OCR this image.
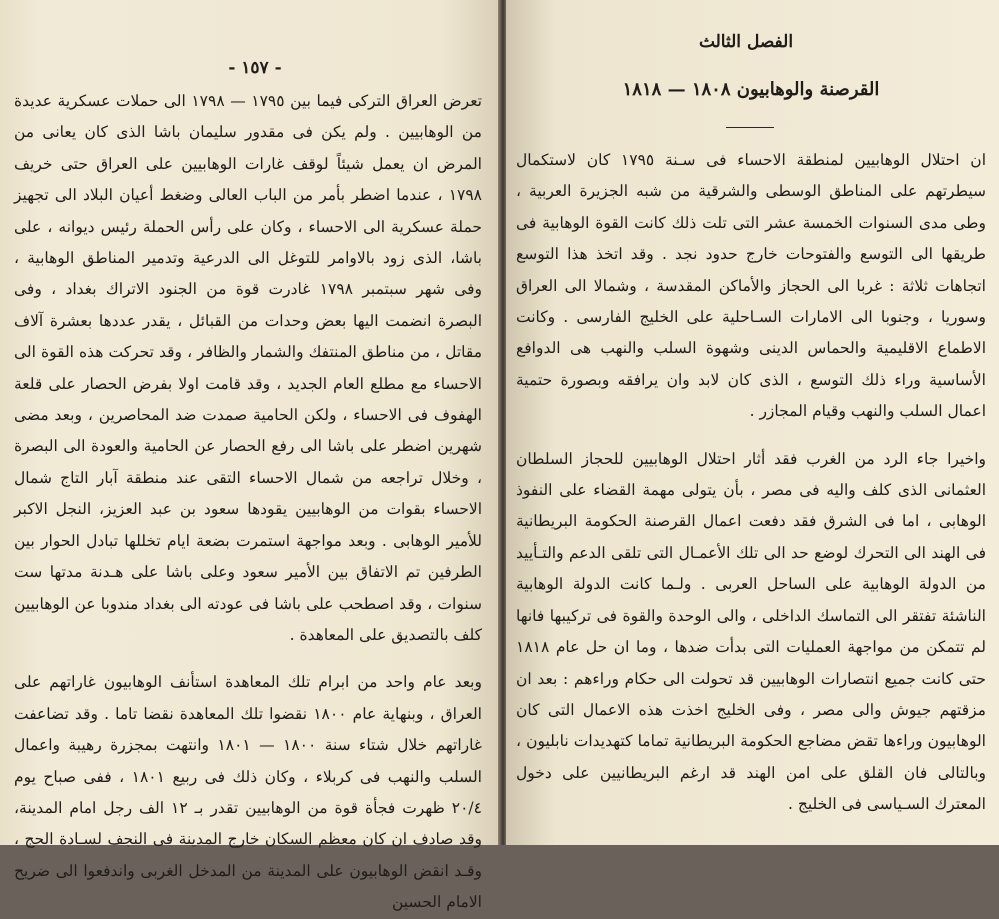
- ١٥٧ -

تعرض العراق التركى فيما بين ١٧٩٥ — ١٧٩٨ الى حملات عسكرية عديدة من الوهابيين . ولم يكن فى مقدور سليمان باشا الذى كان يعانى من المرض ان يعمل شيئاً لوقف غارات الوهابيين على العراق حتى خريف ١٧٩٨ ، عندما اضطر بأمر من الباب العالى وضغط أعيان البلاد الى تجهيز حملة عسكرية الى الاحساء ، وكان على رأس الحملة رئيس ديوانه ، على باشا، الذى زود بالاوامر للتوغل الى الدرعية وتدمير المناطق الوهابية ، وفى شهر سبتمبر ١٧٩٨ غادرت قوة من الجنود الاتراك بغداد ، وفى البصرة انضمت اليها بعض وحدات من القبائل ، يقدر عددها بعشرة آلاف مقاتل ، من مناطق المنتفك والشمار والظافر ، وقد تحركت هذه القوة الى الاحساء مع مطلع العام الجديد ، وقد قامت اولا بفرض الحصار على قلعة الهفوف فى الاحساء ، ولكن الحامية صمدت ضد المحاصرين ، وبعد مضى شهرين اضطر على باشا الى رفع الحصار عن الحامية والعودة الى البصرة ، وخلال تراجعه من شمال الاحساء التقى عند منطقة آبار التاج شمال الاحساء بقوات من الوهابيين يقودها سعود بن عبد العزيز، النجل الاكبر للأمير الوهابى . وبعد مواجهة استمرت بضعة ايام تخللها تبادل الحوار بين الطرفين تم الاتفاق بين الأمير سعود وعلى باشا على هـدنة مدتها ست سنوات ، وقد اصطحب على باشا فى عودته الى بغداد مندوبا عن الوهابيين كلف بالتصديق على المعاهدة .

وبعد عام واحد من ابرام تلك المعاهدة استأنف الوهابيون غاراتهم على العراق ، وبنهاية عام ١٨٠٠ نقضوا تلك المعاهدة نقضا تاما . وقد تضاعفت غاراتهم خلال شتاء سنة ١٨٠٠ — ١٨٠١ وانتهت بمجزرة رهيبة واعمال السلب والنهب فى كربلاء ، وكان ذلك فى ربيع ١٨٠١ ، ففى صباح يوم ٢٠/٤ ظهرت فجأة قوة من الوهابيين تقدر بـ ١٢ الف رجل امام المدينة، وقد صادف ان كان معظم السكان خارج المدينة فى النجف لسـادة الحج ، وقـد انقض الوهابيون على المدينة من المدخل الغربى واندفعوا الى ضريح الامام الحسين

الفصل الثالث
القرصنة والوهابيون ١٨٠٨ — ١٨١٨

ان احتلال الوهابيين لمنطقة الاحساء فى سـنة ١٧٩٥ كان لاستكمال سيطرتهم على المناطق الوسطى والشرقية من شبه الجزيرة العربية ، وطى مدى السنوات الخمسة عشر التى تلت ذلك كانت القوة الوهابية فى طريقها الى التوسع والفتوحات خارج حدود نجد . وقد اتخذ هذا التوسع اتجاهات ثلاثة : غربا الى الحجاز والأماكن المقدسة ، وشمالا الى العراق وسوريا ، وجنوبا الى الامارات السـاحلية على الخليج الفارسى . وكانت الاطماع الاقليمية والحماس الدينى وشهوة السلب والنهب هى الدوافع الأساسية وراء ذلك التوسع ، الذى كان لابد وان يرافقه وبصورة حتمية اعمال السلب والنهب وقيام المجازر .

واخيرا جاء الرد من الغرب فقد أثار احتلال الوهابيين للحجاز السلطان العثمانى الذى كلف واليه فى مصر ، بأن يتولى مهمة القضاء على النفوذ الوهابى ، اما فى الشرق فقد دفعت اعمال القرصنة الحكومة البريطانية فى الهند الى التحرك لوضع حد الى تلك الأعمـال التى تلقى الدعم والتـأييد من الدولة الوهابية على الساحل العربى . ولـما كانت الدولة الوهابية الناشئة تفتقر الى التماسك الداخلى ، والى الوحدة والقوة فى تركيبها فانها لم تتمكن من مواجهة العمليات التى بدأت ضدها ، وما ان حل عام ١٨١٨ حتى كانت جميع انتصارات الوهابيين قد تحولت الى حكام وراءهم : بعد ان مزقتهم جيوش والى مصر ، وفى الخليج اخذت هذه الاعمال التى كان الوهابيون وراءها تقض مضاجع الحكومة البريطانية تماما كتهديدات نابليون ، وبالتالى فان القلق على امن الهند قد ارغم البريطانيين على دخول المعترك السـياسى فى الخليج .
